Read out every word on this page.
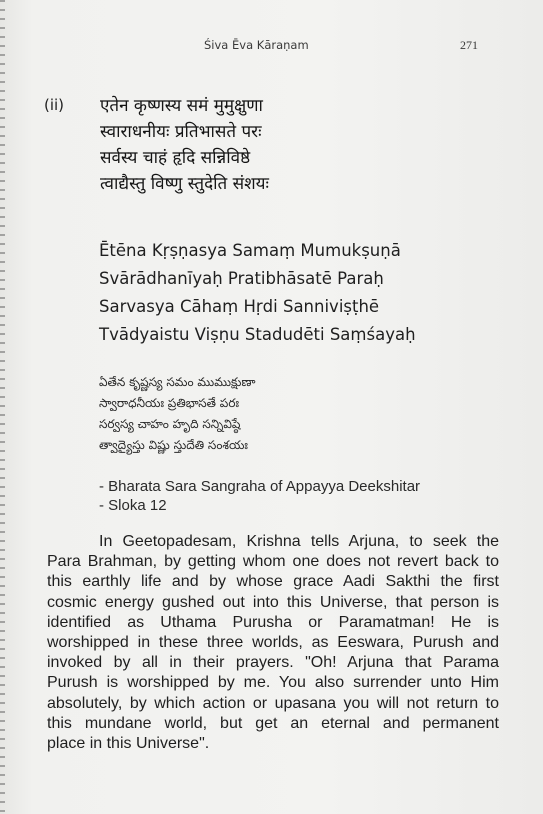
Śiva Ēva Kāraṇam	271
(ii) एतेन कृष्णस्य समं मुमुक्षुणा
स्वाराधनीयः प्रतिभासते परः
सर्वस्य चाहं हृदि सन्निविष्ठे
त्वाद्यैस्तु विष्णु स्तुदेति संशयः
Ētēna Kṛṣṇasya Samaṃ Mumukṣuṇā
Svārādhanīyaḥ Pratibhāsatē Paraḥ
Sarvasya Cāhaṃ Hṛdi Sanniviṣṭhē
Tvādyaistu Viṣṇu Stadudēti Saṃśayaḥ
ఏతేన కృష్ణస్య సమం ముముక్షుణా
స్వారాధనీయః ప్రతిభాసతే పరః
సర్వస్య చాహం హృది సన్నివిష్ఠే
త్వాద్యైస్తు విష్ణు స్తుదేతి సంశయః
- Bharata Sara Sangraha of Appayya Deekshitar
- Sloka 12
In Geetopadesam, Krishna tells Arjuna, to seek the
Para Brahman, by getting whom one does not revert back to
this earthly life and by whose grace Aadi Sakthi the first
cosmic energy gushed out into this Universe, that person is
identified as Uthama Purusha or Paramatman! He is
worshipped in these three worlds, as Eeswara, Purush and
invoked by all in their prayers. "Oh! Arjuna that Parama
Purush is worshipped by me. You also surrender unto Him
absolutely, by which action or upasana you will not return to
this mundane world, but get an eternal and permanent
place in this Universe".
